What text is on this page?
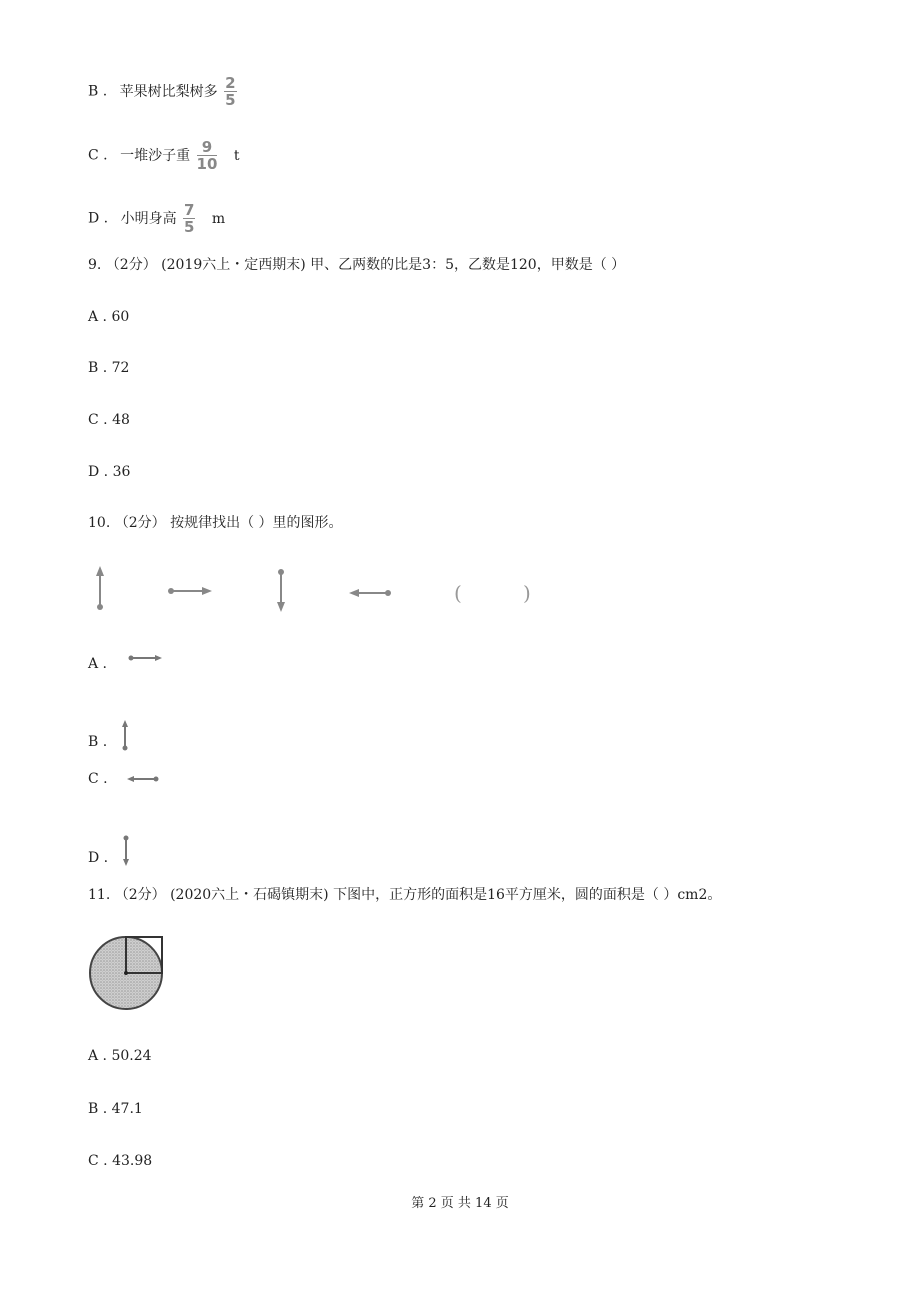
B . 苹果树比梨树多 $\frac{2}{5}$
C . 一堆沙子重 $\frac{9}{10}$ t
D . 小明身高 $\frac{7}{5}$ m
9. （2分） (2019六上・定西期末) 甲、乙两数的比是3：5，乙数是120，甲数是（ ）
A . 60
B . 72
C . 48
D . 36
10. （2分） 按规律找出（ ）里的图形。
(	)
A .
B .
C .
D .
11. （2分） (2020六上・石碣镇期末) 下图中，正方形的面积是16平方厘米，圆的面积是（ ）cm2。
A . 50.24
B . 47.1
C . 43.98
第 2 页 共 14 页
